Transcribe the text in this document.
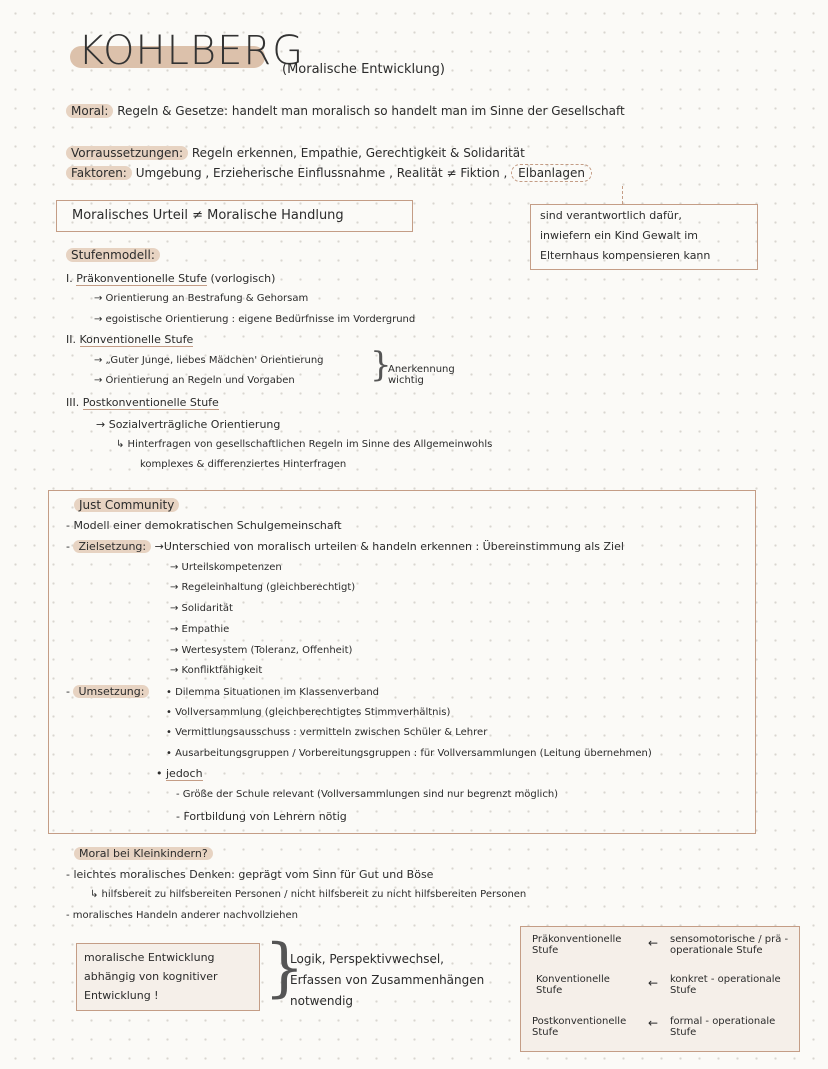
KOHLBERG
(Moralische Entwicklung)
Moral: Regeln & Gesetze: handelt man moralisch so handelt man im Sinne der Gesellschaft
Vorraussetzungen: Regeln erkennen, Empathie, Gerechtigkeit & Solidarität
Faktoren: Umgebung , Erzieherische Einflussnahme , Realität ≠ Fiktion , Elbanlagen
Moralisches Urteil ≠ Moralische Handlung	sind verantwortlich dafür,
inwiefern ein Kind Gewalt im
Elternhaus kompensieren kann
Stufenmodell:
I. Präkonventionelle Stufe (vorlogisch)
→ Orientierung an Bestrafung & Gehorsam
→ egoistische Orientierung : eigene Bedürfnisse im Vordergrund
II. Konventionelle Stufe
→ „Guter Junge, liebes Mädchen' Orientierung
→ Orientierung an Regeln und Vorgaben }
Anerkennung
wichtig
III. Postkonventionelle Stufe
→ Sozialverträgliche Orientierung
↳ Hinterfragen von gesellschaftlichen Regeln im Sinne des Allgemeinwohls
komplexes & differenziertes Hinterfragen
Just Community
- Modell einer demokratischen Schulgemeinschaft
- Zielsetzung: →Unterschied von moralisch urteilen & handeln erkennen : Übereinstimmung als Ziel
→ Urteilskompetenzen
→ Regeleinhaltung (gleichberechtigt)
→ Solidarität
→ Empathie
→ Wertesystem (Toleranz, Offenheit)
→ Konfliktfähigkeit
- Umsetzung:	• Dilemma Situationen im Klassenverband
• Vollversammlung (gleichberechtigtes Stimmverhältnis)
• Vermittlungsausschuss : vermitteln zwischen Schüler & Lehrer
• Ausarbeitungsgruppen / Vorbereitungsgruppen : für Vollversammlungen (Leitung übernehmen)
• jedoch
- Größe der Schule relevant (Vollversammlungen sind nur begrenzt möglich)
- Fortbildung von Lehrern nötig
Moral bei Kleinkindern?
- leichtes moralisches Denken: geprägt vom Sinn für Gut und Böse
↳ hilfsbereit zu hilfsbereiten Personen / nicht hilfsbereit zu nicht hilfsbereiten Personen
- moralisches Handeln anderer nachvollziehen
moralische Entwicklung
abhängig von kognitiver
Entwicklung ! }
Logik, Perspektivwechsel,
Erfassen von Zusammenhängen
notwendig
Präkonventionelle
Stufe
← sensomotorische / prä -
operationale Stufe
Konventionelle
Stufe
← konkret - operationale
Stufe
Postkonventionelle
Stufe
← formal - operationale
Stufe
